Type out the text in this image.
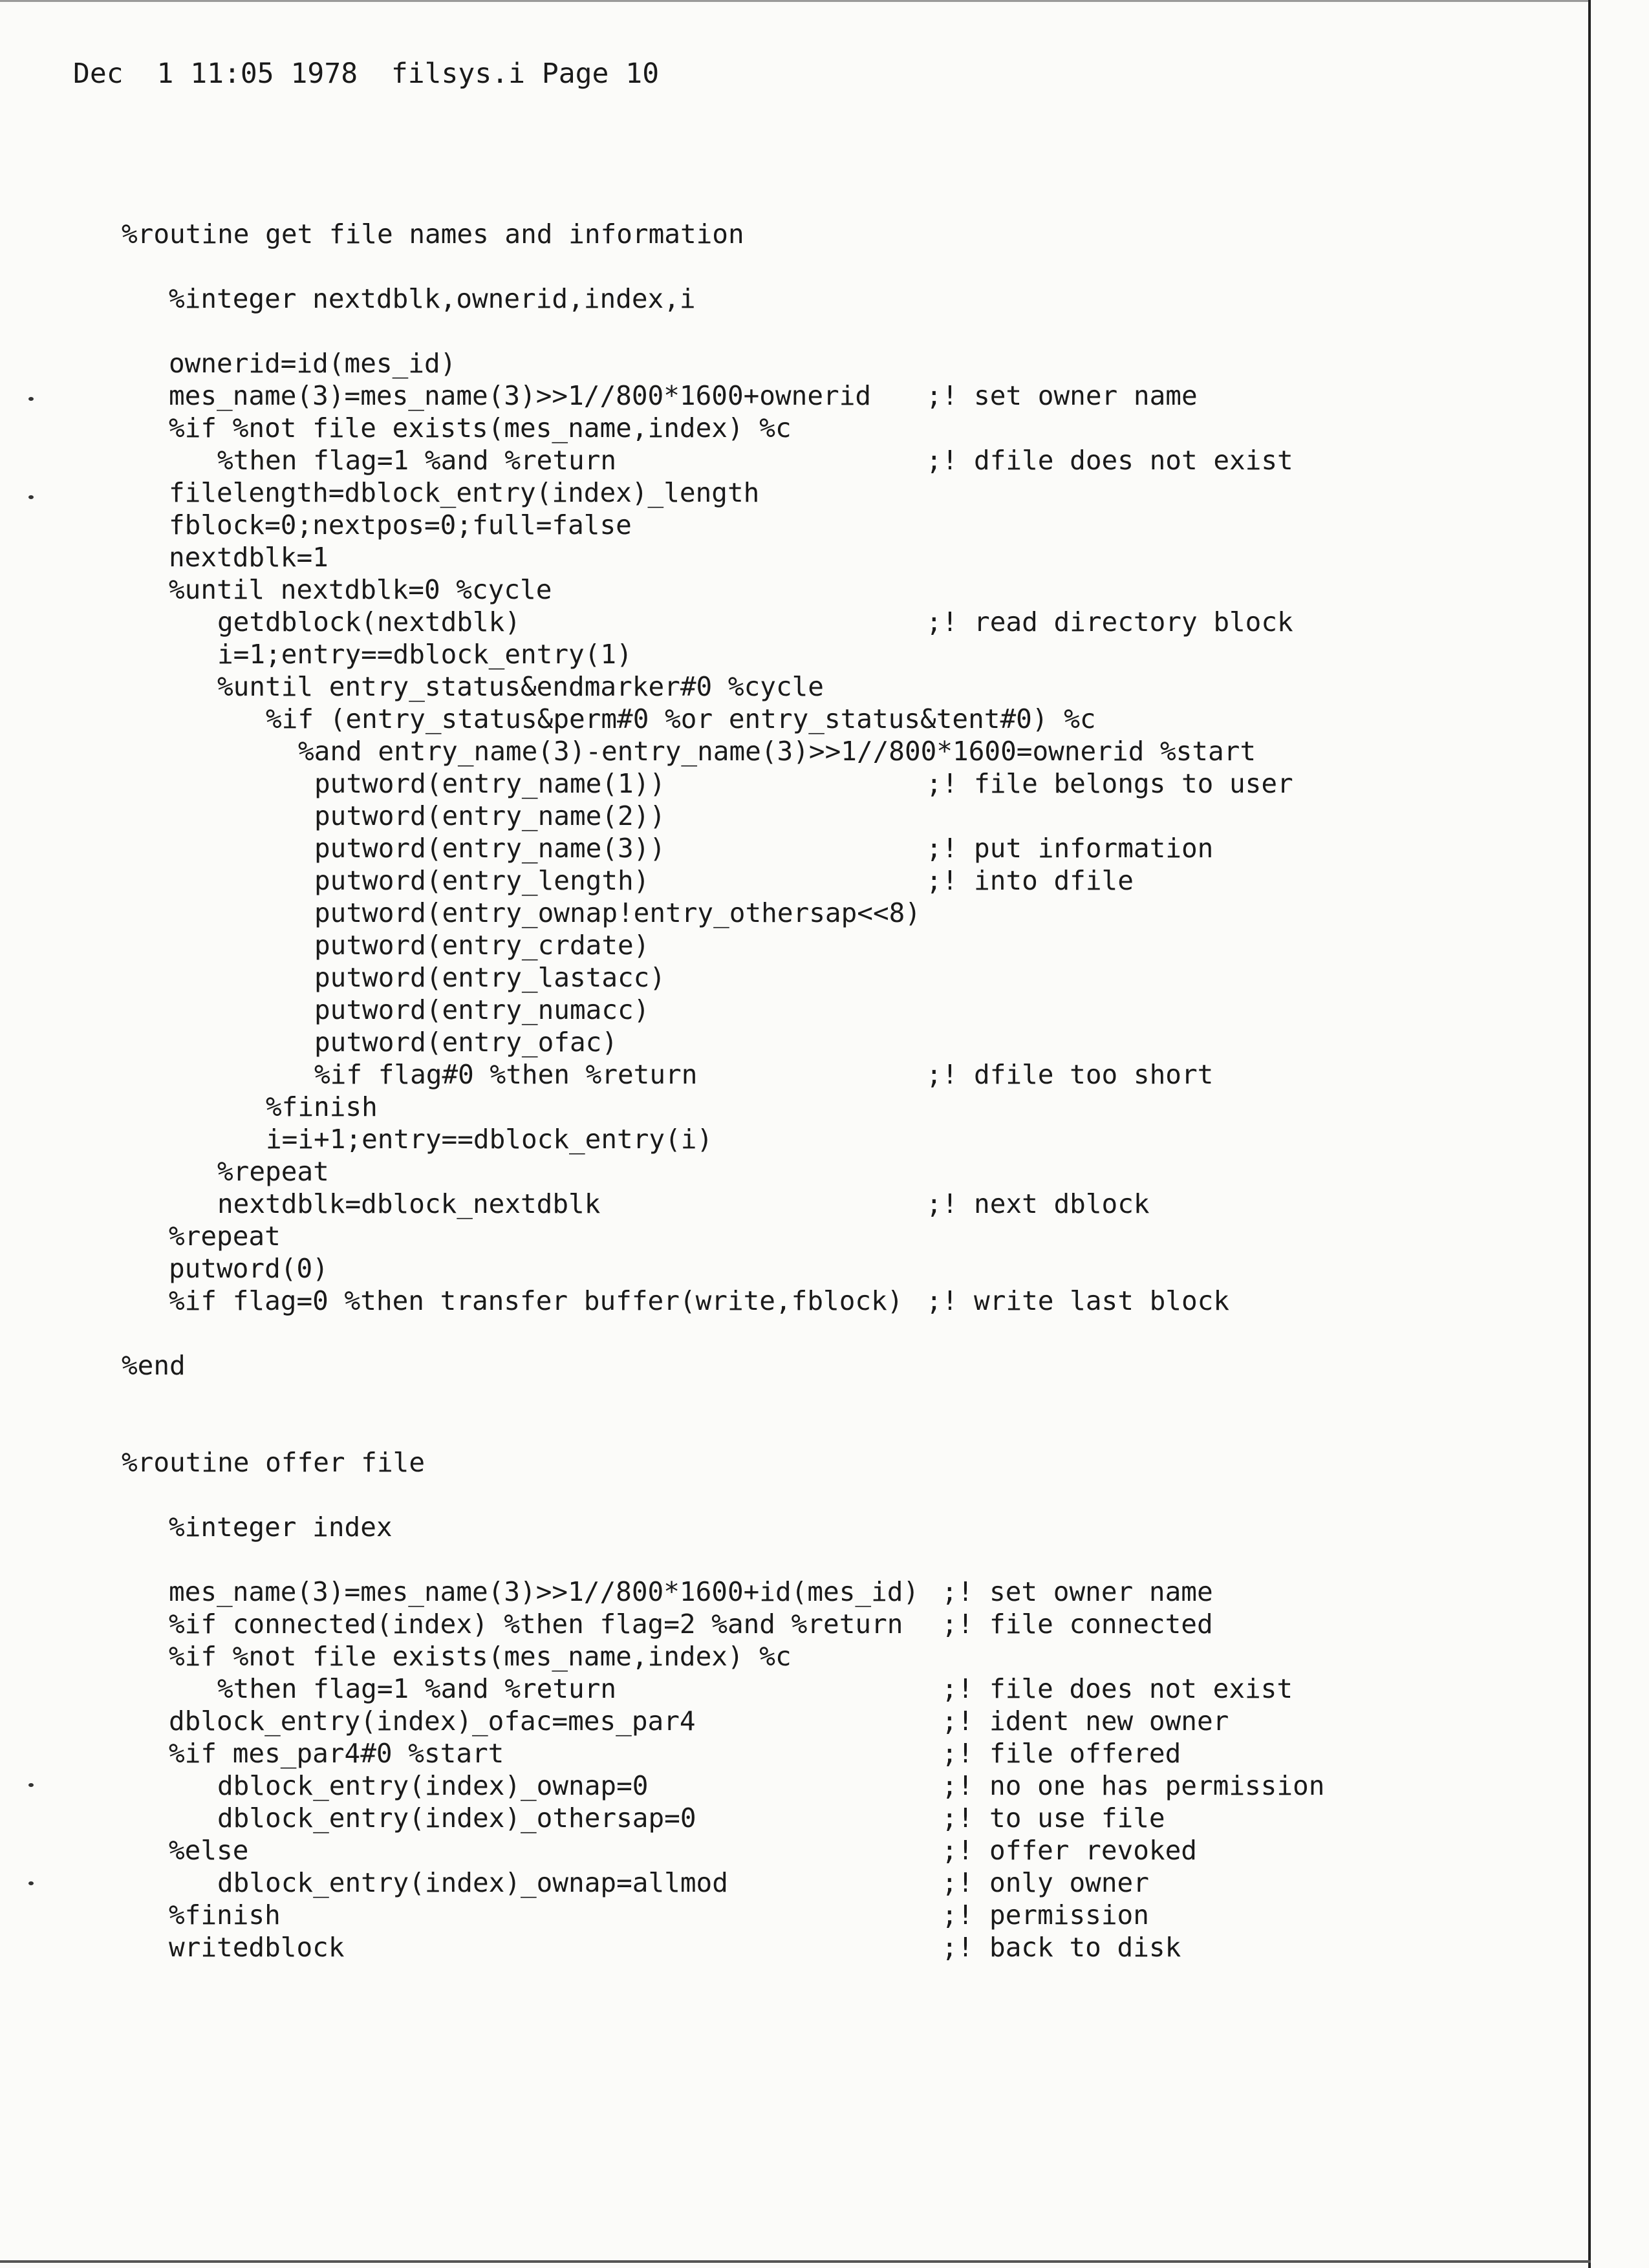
Dec  1 11:05 1978  filsys.i Page 10
%routine get file names and information
%integer nextdblk,ownerid,index,i
ownerid=id(mes_id)
mes_name(3)=mes_name(3)>>1//800*1600+ownerid ;! set owner name
%if %not file exists(mes_name,index) %c
%then flag=1 %and %return	;! dfile does not exist
filelength=dblock_entry(index)_length
fblock=0;nextpos=0;full=false
nextdblk=1
%until nextdblk=0 %cycle
getdblock(nextdblk)	;! read directory block
i=1;entry==dblock_entry(1)
%until entry_status&endmarker#0 %cycle
%if (entry_status&perm#0 %or entry_status&tent#0) %c
%and entry_name(3)-entry_name(3)>>1//800*1600=ownerid %start
putword(entry_name(1))	;! file belongs to user
putword(entry_name(2))
putword(entry_name(3))	;! put information
putword(entry_length)	;! into dfile
putword(entry_ownap!entry_othersap<<8)
putword(entry_crdate)
putword(entry_lastacc)
putword(entry_numacc)
putword(entry_ofac)
%if flag#0 %then %return	;! dfile too short
%finish
i=i+1;entry==dblock_entry(i)
%repeat
nextdblk=dblock_nextdblk	;! next dblock
%repeat
putword(0)
%if flag=0 %then transfer buffer(write,fblock) ;! write last block
%end
%routine offer file
%integer index
mes_name(3)=mes_name(3)>>1//800*1600+id(mes_id) ;! set owner name
%if connected(index) %then flag=2 %and %return ;! file connected
%if %not file exists(mes_name,index) %c
%then flag=1 %and %return	;! file does not exist
dblock_entry(index)_ofac=mes_par4	;! ident new owner
%if mes_par4#0 %start	;! file offered
dblock_entry(index)_ownap=0	;! no one has permission
dblock_entry(index)_othersap=0	;! to use file
%else	;! offer revoked
dblock_entry(index)_ownap=allmod	;! only owner
%finish	;! permission
writedblock	;! back to disk
